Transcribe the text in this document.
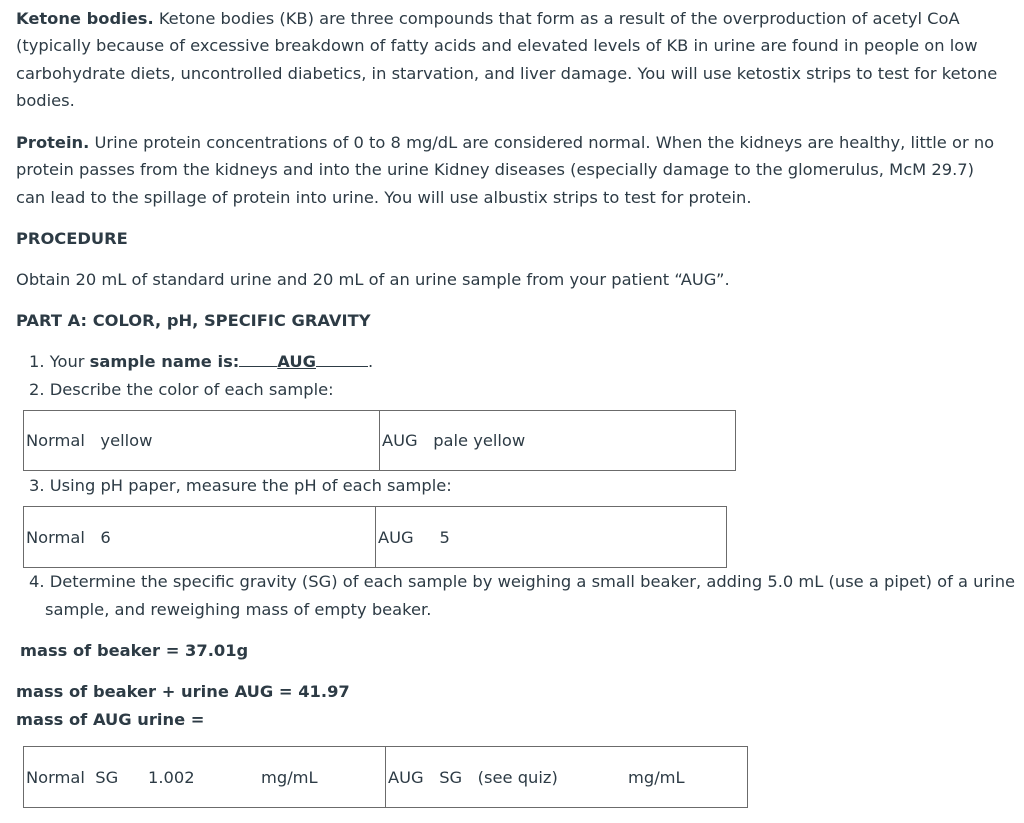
Ketone bodies. Ketone bodies (KB) are three compounds that form as a result of the overproduction of acetyl CoA (typically because of excessive breakdown of fatty acids and elevated levels of KB in urine are found in people on low carbohydrate diets, uncontrolled diabetics, in starvation, and liver damage. You will use ketostix strips to test for ketone bodies.
Protein. Urine protein concentrations of 0 to 8 mg/dL are considered normal. When the kidneys are healthy, little or no protein passes from the kidneys and into the urine Kidney diseases (especially damage to the glomerulus, McM 29.7) can lead to the spillage of protein into urine. You will use albustix strips to test for protein.
PROCEDURE
Obtain 20 mL of standard urine and 20 mL of an urine sample from your patient “AUG”.
PART A: COLOR, pH, SPECIFIC GRAVITY
1. Your sample name is: AUG	.
2. Describe the color of each sample:
Normal   yellow	AUG   pale yellow
3. Using pH paper, measure the pH of each sample:
Normal   6	AUG     5
4. Determine the specific gravity (SG) of each sample by weighing a small beaker, adding 5.0 mL (use a pipet) of a urine
sample, and reweighing mass of empty beaker.
mass of beaker = 37.01g
mass of beaker + urine AUG = 41.97
mass of AUG urine =
Normal  SG 1.002	mg/mL	AUG   SG   (see quiz)	mg/mL
